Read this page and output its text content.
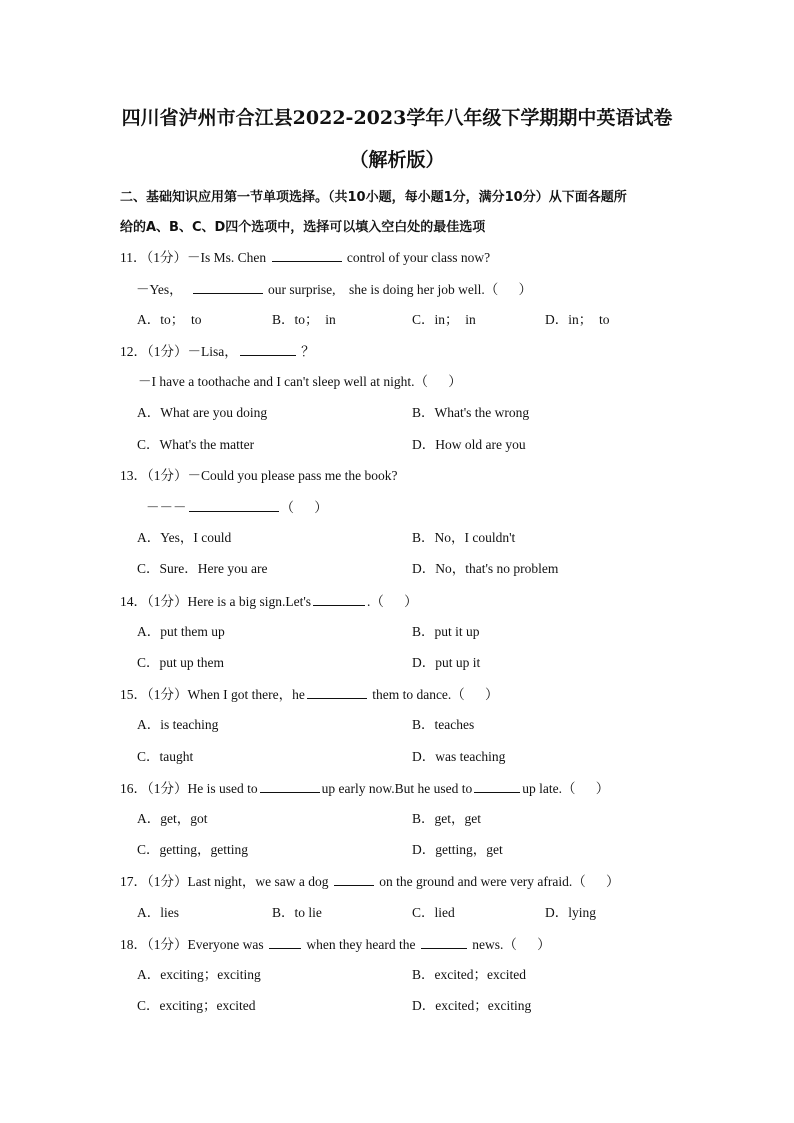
四川省泸州市合江县2022-2023学年八年级下学期期中英语试卷
（解析版）
二、基础知识应用第一节单项选择。（共10小题，每小题1分，满分10分）从下面各题所
给的A、B、C、D四个选项中，选择可以填入空白处的最佳选项
11．（1分）－Is Ms. Chen	control of your class now?
－Yes，	our surprise,    she is doing her job well.（      ）
A．to；  to	B．to；  in	C．in；  in	D．in；  to
12．（1分）－Lisa，	？
－I have a toothache and I can't sleep well at night.（      ）
A．What are you doing	B．What's the wrong
C．What's the matter	D．How old are you
13．（1分）－Could you please pass me the book?
－－－	（      ）
A．Yes，I could	B．No，I couldn't
C．Sure．Here you are	D．No，that's no problem
14．（1分）Here is a big sign.Let's	.（      ）
A．put them up	B．put it up
C．put up them	D．put up it
15．（1分）When I got there，he	them to dance.（      ）
A．is teaching	B．teaches
C．taught	D．was teaching
16．（1分）He is used to	up early now.But he used to	up late.（      ）
A．get，got	B．get，get
C．getting，getting	D．getting，get
17．（1分）Last night，we saw a dog	on the ground and were very afraid.（      ）
A．lies	B．to lie	C．lied	D．lying
18．（1分）Everyone was	when they heard the	news.（      ）
A．exciting；exciting	B．excited；excited
C．exciting；excited	D．excited；exciting
